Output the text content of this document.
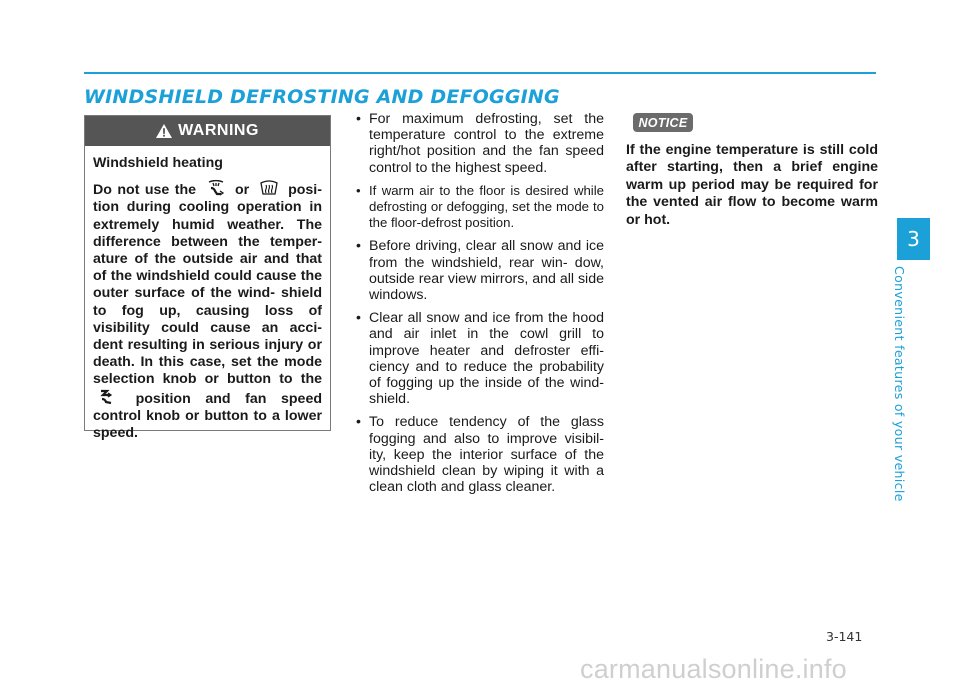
WINDSHIELD DEFROSTING AND DEFOGGING
WARNING

Windshield heating

Do not use the	or	posi- tion during cooling operation in extremely humid weather. The difference between the temper- ature of the outside air and that of the windshield could cause the outer surface of the wind- shield to fog up, causing loss of visibility could cause an acci- dent resulting in serious injury or death. In this case, set the mode selection knob or button to the  position and fan speed control knob or button to a lower speed.

• For maximum defrosting, set the temperature control to the extreme right/hot position and the fan speed control to the highest speed.
• If warm air to the floor is desired while defrosting or defogging, set the mode to the floor-defrost position.
• Before driving, clear all snow and ice from the windshield, rear win- dow, outside rear view mirrors, and all side windows.
• Clear all snow and ice from the hood and air inlet in the cowl grill to improve heater and defroster effi- ciency and to reduce the probability of fogging up the inside of the wind- shield.
• To reduce tendency of the glass fogging and also to improve visibil- ity, keep the interior surface of the windshield clean by wiping it with a clean cloth and glass cleaner.
NOTICE

If the engine temperature is still cold after starting, then a brief engine warm up period may be required for the vented air flow to become warm or hot.

3
Convenient features of your vehicle
3-141
carmanualsonline.info
